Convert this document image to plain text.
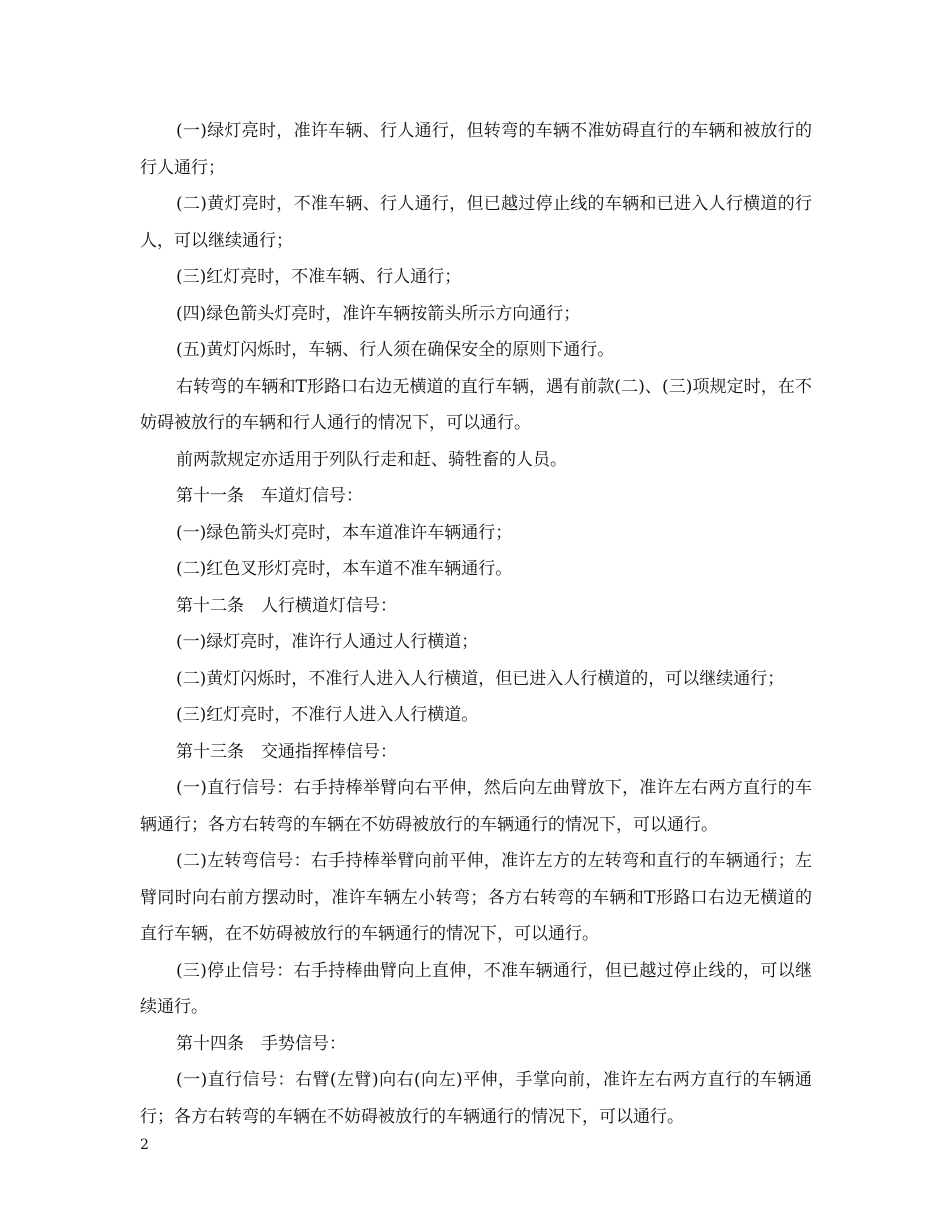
(一)绿灯亮时，准许车辆、行人通行，但转弯的车辆不准妨碍直行的车辆和被放行的行人通行；

(二)黄灯亮时，不准车辆、行人通行，但已越过停止线的车辆和已进入人行横道的行人，可以继续通行；

(三)红灯亮时，不准车辆、行人通行；

(四)绿色箭头灯亮时，准许车辆按箭头所示方向通行；

(五)黄灯闪烁时，车辆、行人须在确保安全的原则下通行。

右转弯的车辆和T形路口右边无横道的直行车辆，遇有前款(二)、(三)项规定时，在不妨碍被放行的车辆和行人通行的情况下，可以通行。

前两款规定亦适用于列队行走和赶、骑牲畜的人员。

第十一条　车道灯信号：

(一)绿色箭头灯亮时，本车道准许车辆通行；

(二)红色叉形灯亮时，本车道不准车辆通行。

第十二条　人行横道灯信号：

(一)绿灯亮时，准许行人通过人行横道；

(二)黄灯闪烁时，不准行人进入人行横道，但已进入人行横道的，可以继续通行；

(三)红灯亮时，不准行人进入人行横道。

第十三条　交通指挥棒信号：

(一)直行信号：右手持棒举臂向右平伸，然后向左曲臂放下，准许左右两方直行的车辆通行；各方右转弯的车辆在不妨碍被放行的车辆通行的情况下，可以通行。

(二)左转弯信号：右手持棒举臂向前平伸，准许左方的左转弯和直行的车辆通行；左臂同时向右前方摆动时，准许车辆左小转弯；各方右转弯的车辆和T形路口右边无横道的直行车辆，在不妨碍被放行的车辆通行的情况下，可以通行。

(三)停止信号：右手持棒曲臂向上直伸，不准车辆通行，但已越过停止线的，可以继续通行。

第十四条　手势信号：

(一)直行信号：右臂(左臂)向右(向左)平伸，手掌向前，准许左右两方直行的车辆通行；各方右转弯的车辆在不妨碍被放行的车辆通行的情况下，可以通行。

2
